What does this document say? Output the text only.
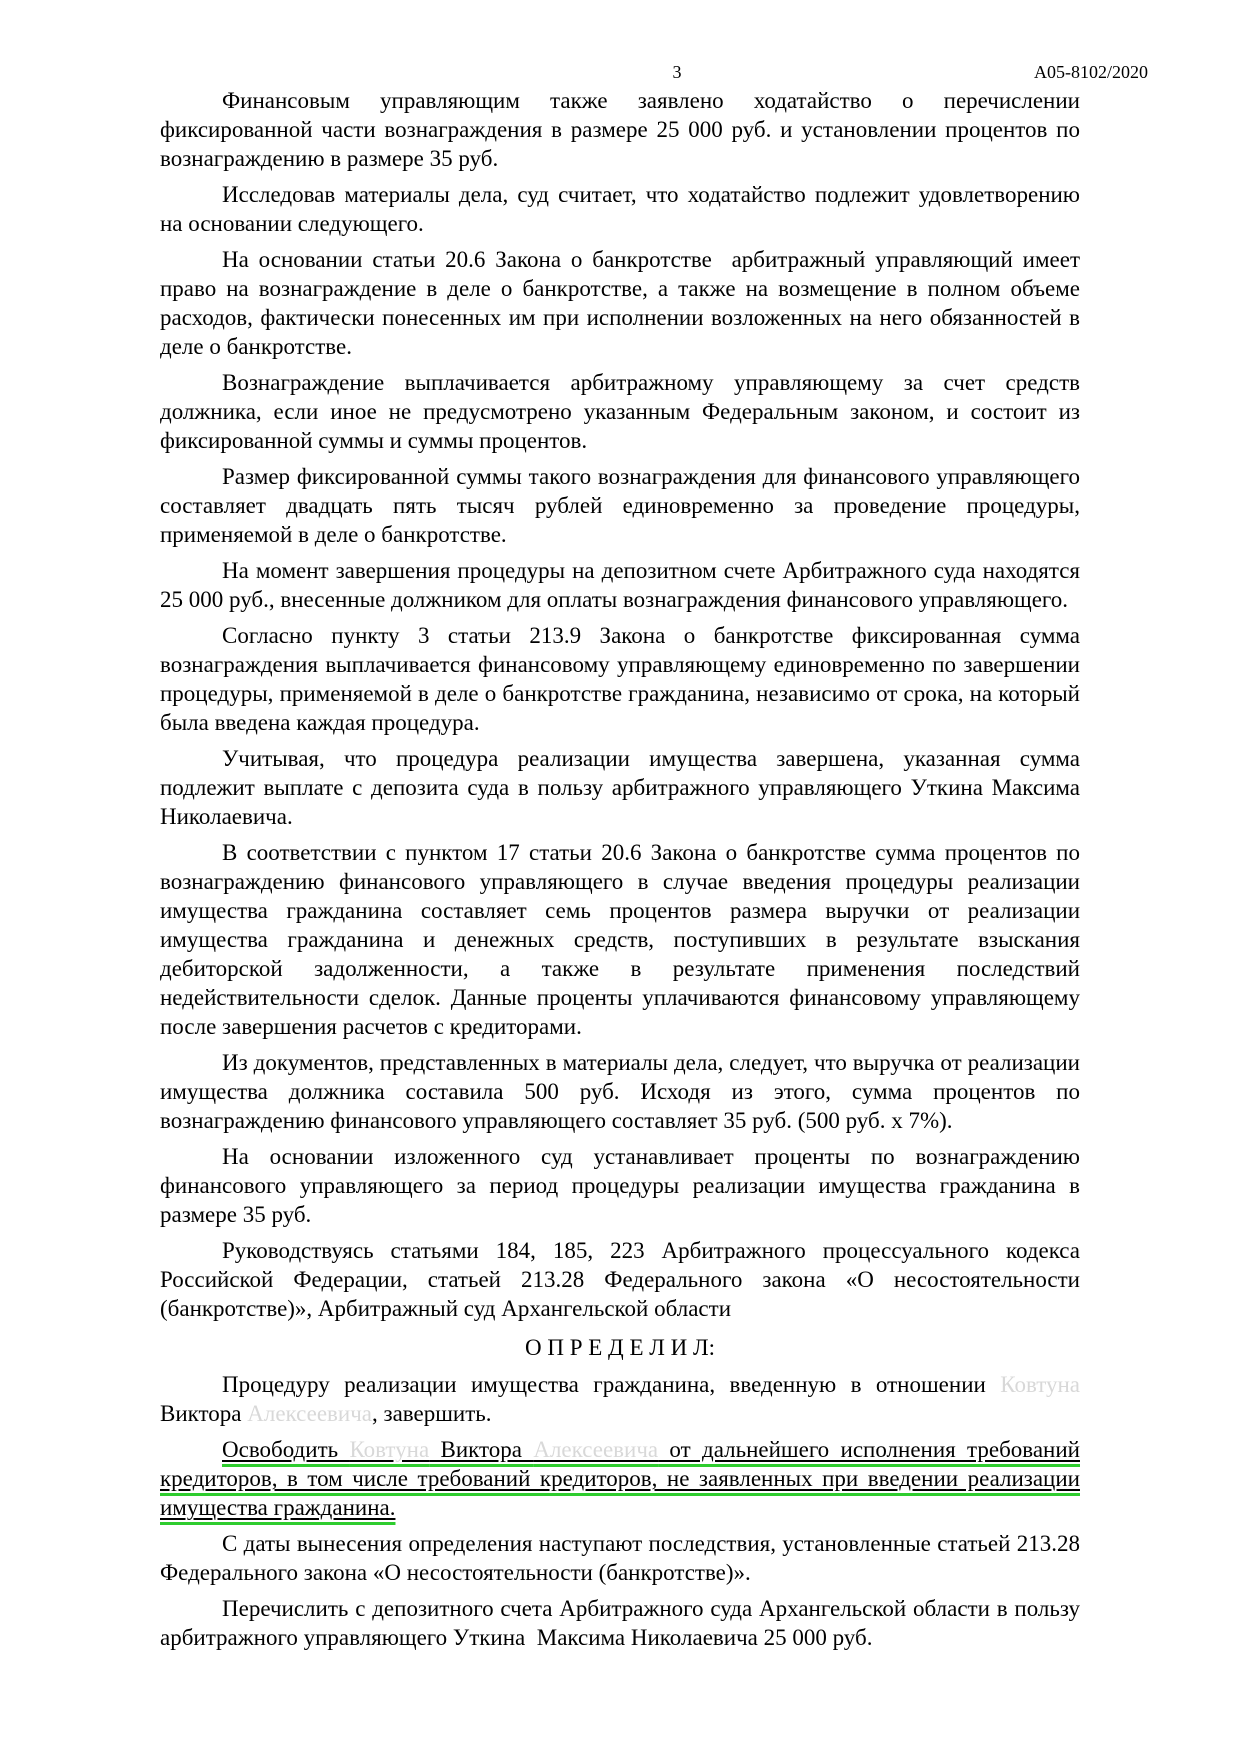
3	А05-8102/2020

Финансовым управляющим также заявлено ходатайство о перечислении фиксированной части вознаграждения в размере 25 000 руб. и установлении процентов по вознаграждению в размере 35 руб.

Исследовав материалы дела, суд считает, что ходатайство подлежит удовлетворению на основании следующего.

На основании статьи 20.6 Закона о банкротстве  арбитражный управляющий имеет право на вознаграждение в деле о банкротстве, а также на возмещение в полном объеме расходов, фактически понесенных им при исполнении возложенных на него обязанностей в деле о банкротстве.

Вознаграждение выплачивается арбитражному управляющему за счет средств должника, если иное не предусмотрено указанным Федеральным законом, и состоит из фиксированной суммы и суммы процентов.

Размер фиксированной суммы такого вознаграждения для финансового управляющего составляет двадцать пять тысяч рублей единовременно за проведение процедуры, применяемой в деле о банкротстве.

На момент завершения процедуры на депозитном счете Арбитражного суда находятся 25 000 руб., внесенные должником для оплаты вознаграждения финансового управляющего.

Согласно пункту 3 статьи 213.9 Закона о банкротстве фиксированная сумма вознаграждения выплачивается финансовому управляющему единовременно по завершении процедуры, применяемой в деле о банкротстве гражданина, независимо от срока, на который была введена каждая процедура.

Учитывая, что процедура реализации имущества завершена, указанная сумма подлежит выплате с депозита суда в пользу арбитражного управляющего Уткина Максима Николаевича.

В соответствии с пунктом 17 статьи 20.6 Закона о банкротстве сумма процентов по вознаграждению финансового управляющего в случае введения процедуры реализации имущества гражданина составляет семь процентов размера выручки от реализации имущества гражданина и денежных средств, поступивших в результате взыскания дебиторской задолженности, а также в результате применения последствий недействительности сделок. Данные проценты уплачиваются финансовому управляющему после завершения расчетов с кредиторами.

Из документов, представленных в материалы дела, следует, что выручка от реализации имущества должника составила 500 руб. Исходя из этого, сумма процентов по вознаграждению финансового управляющего составляет 35 руб. (500 руб. х 7%).

На основании изложенного суд устанавливает проценты по вознаграждению финансового управляющего за период процедуры реализации имущества гражданина в размере 35 руб.

Руководствуясь статьями 184, 185, 223 Арбитражного процессуального кодекса Российской Федерации, статьей 213.28 Федерального закона «О несостоятельности (банкротстве)», Арбитражный суд Архангельской области

О П Р Е Д Е Л И Л:

Процедуру реализации имущества гражданина, введенную в отношении Ковтуна Виктора Алексеевича, завершить.

Освободить Ковтуна Виктора Алексеевича от дальнейшего исполнения требований кредиторов, в том числе требований кредиторов, не заявленных при введении реализации имущества гражданина.

С даты вынесения определения наступают последствия, установленные статьей 213.28 Федерального закона «О несостоятельности (банкротстве)».

Перечислить с депозитного счета Арбитражного суда Архангельской области в пользу арбитражного управляющего Уткина  Максима Николаевича 25 000 руб.
